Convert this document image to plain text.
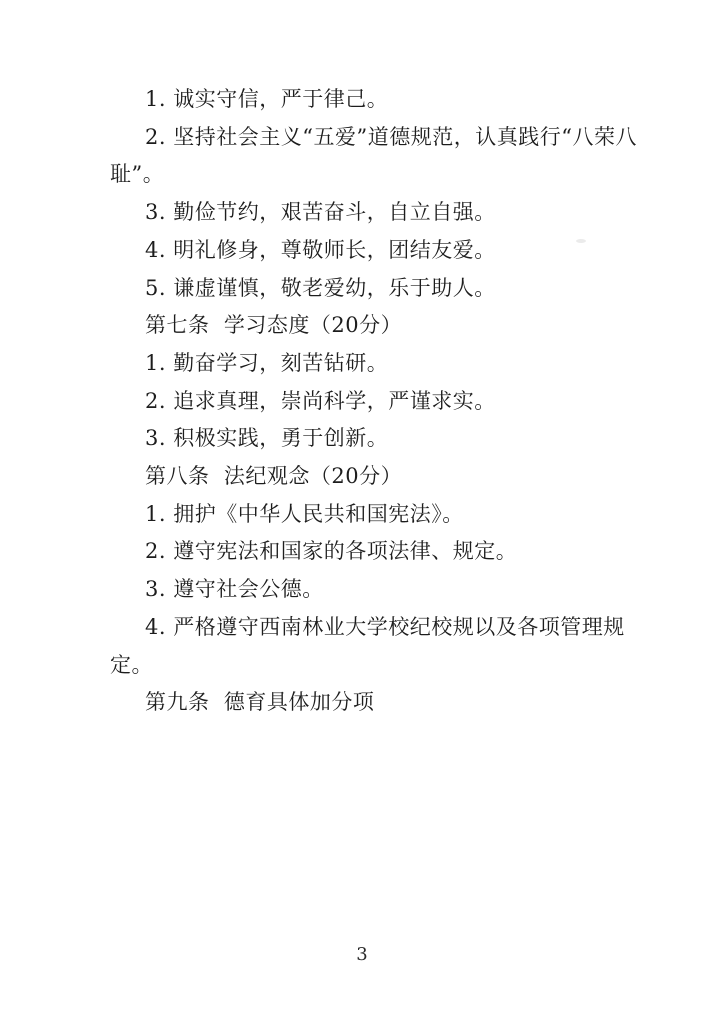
1. 诚实守信，严于律己。
2. 坚持社会主义“五爱”道德规范，认真践行“八荣八
耻”。
3. 勤俭节约，艰苦奋斗，自立自强。
4. 明礼修身，尊敬师长，团结友爱。
5. 谦虚谨慎，敬老爱幼，乐于助人。
第七条  学习态度（20分）
1. 勤奋学习，刻苦钻研。
2. 追求真理，崇尚科学，严谨求实。
3. 积极实践，勇于创新。
第八条  法纪观念（20分）
1. 拥护《中华人民共和国宪法》。
2. 遵守宪法和国家的各项法律、规定。
3. 遵守社会公德。
4. 严格遵守西南林业大学校纪校规以及各项管理规定。
第九条  德育具体加分项
3
